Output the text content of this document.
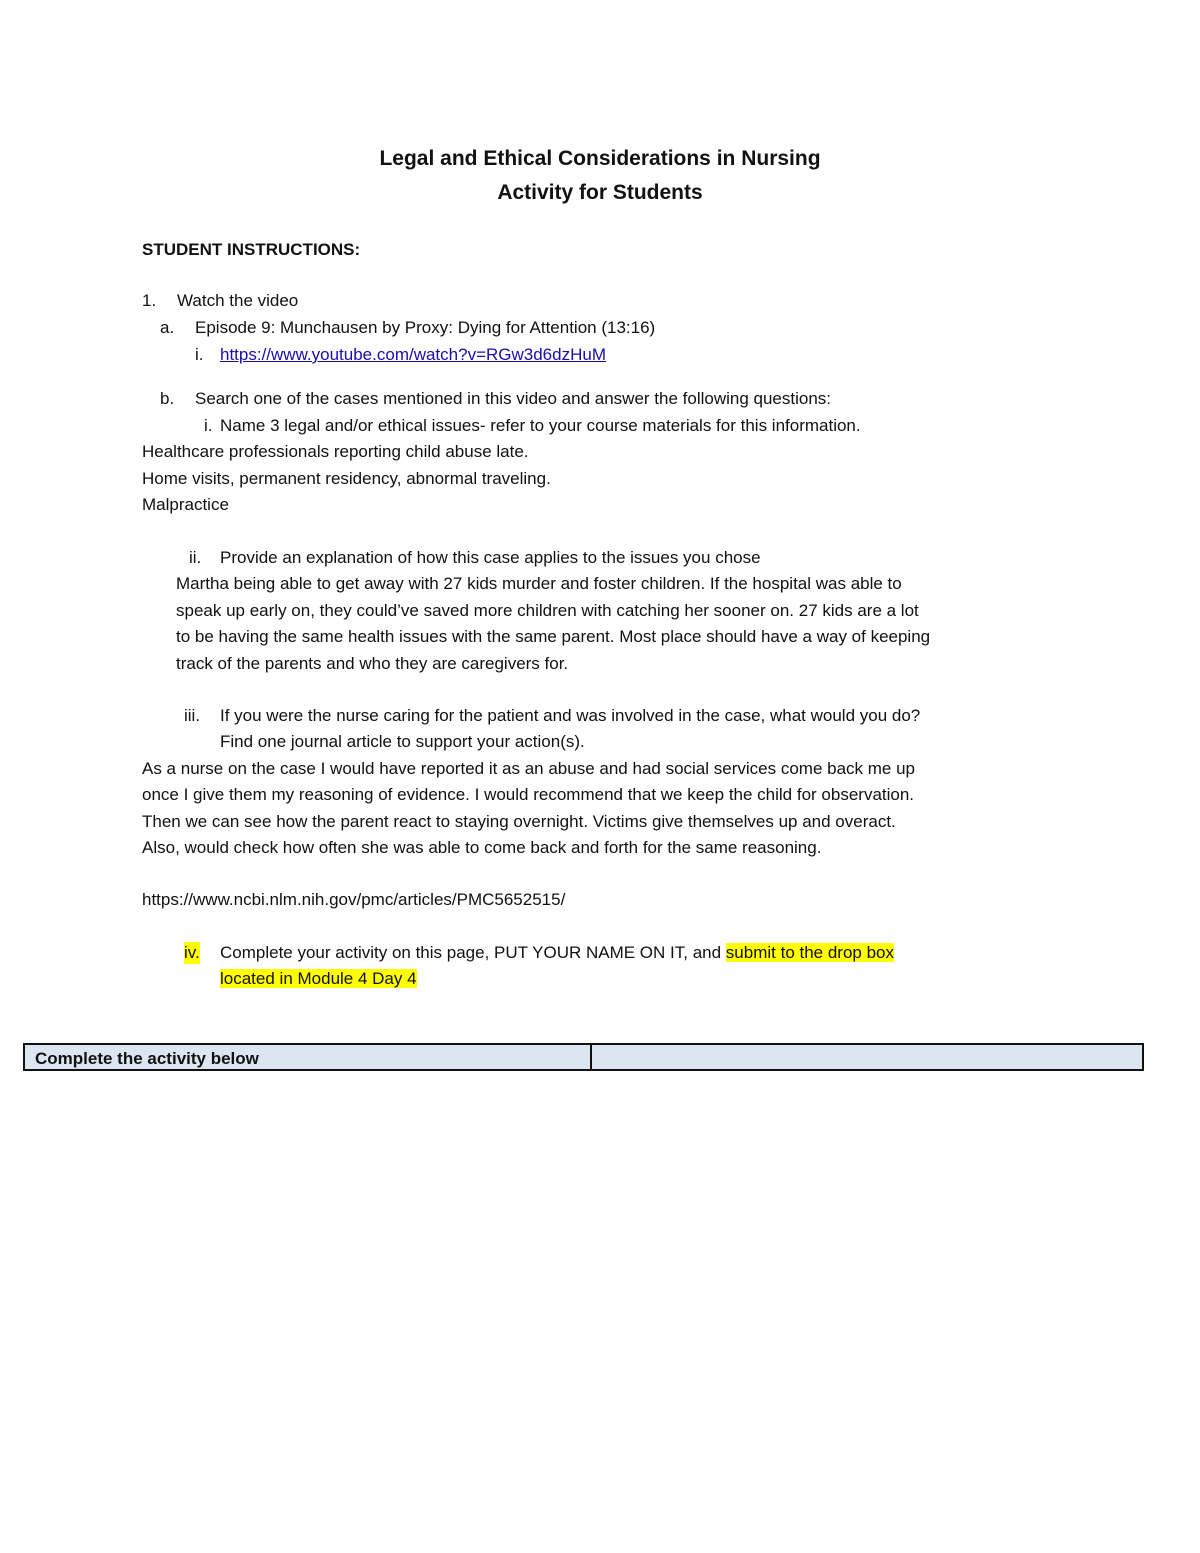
Legal and Ethical Considerations in Nursing
Activity for Students
STUDENT INSTRUCTIONS:
1. Watch the video
a. Episode 9: Munchausen by Proxy: Dying for Attention (13:16)
i. https://www.youtube.com/watch?v=RGw3d6dzHuM
b. Search one of the cases mentioned in this video and answer the following questions:
i. Name 3 legal and/or ethical issues- refer to your course materials for this information.
Healthcare professionals reporting child abuse late.
Home visits, permanent residency, abnormal traveling.
Malpractice
ii. Provide an explanation of how this case applies to the issues you chose
Martha being able to get away with 27 kids murder and foster children. If the hospital was able to
speak up early on, they could’ve saved more children with catching her sooner on. 27 kids are a lot
to be having the same health issues with the same parent. Most place should have a way of keeping
track of the parents and who they are caregivers for.
iii. If you were the nurse caring for the patient and was involved in the case, what would you do?
Find one journal article to support your action(s).
As a nurse on the case I would have reported it as an abuse and had social services come back me up
once I give them my reasoning of evidence. I would recommend that we keep the child for observation.
Then we can see how the parent react to staying overnight. Victims give themselves up and overact.
Also, would check how often she was able to come back and forth for the same reasoning.
https://www.ncbi.nlm.nih.gov/pmc/articles/PMC5652515/
iv. Complete your activity on this page, PUT YOUR NAME ON IT, and submit to the drop box
located in Module 4 Day 4
Complete the activity below
